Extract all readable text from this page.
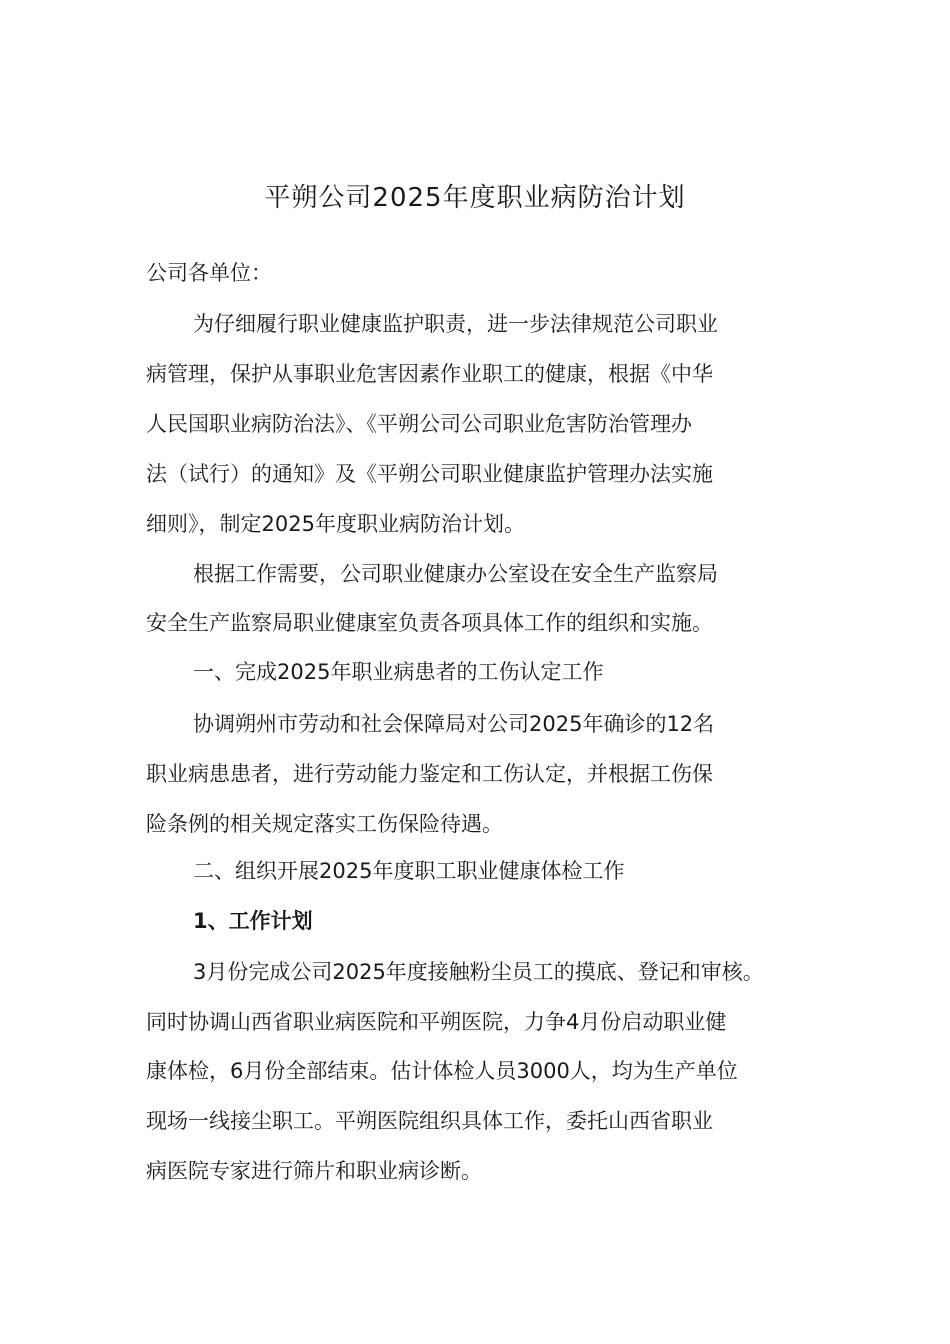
平朔公司2025年度职业病防治计划
公司各单位：
为仔细履行职业健康监护职责，进一步法律规范公司职业
病管理，保护从事职业危害因素作业职工的健康，根据《中华
人民国职业病防治法》、《平朔公司公司职业危害防治管理办
法（试行）的通知》及《平朔公司职业健康监护管理办法实施
细则》，制定2025年度职业病防治计划。
根据工作需要，公司职业健康办公室设在安全生产监察局
安全生产监察局职业健康室负责各项具体工作的组织和实施。
一、完成2025年职业病患者的工伤认定工作
协调朔州市劳动和社会保障局对公司2025年确诊的12名
职业病患患者，进行劳动能力鉴定和工伤认定，并根据工伤保
险条例的相关规定落实工伤保险待遇。
二、组织开展2025年度职工职业健康体检工作
1、工作计划
3月份完成公司2025年度接触粉尘员工的摸底、登记和审核。
同时协调山西省职业病医院和平朔医院，力争4月份启动职业健
康体检，6月份全部结束。估计体检人员3000人，均为生产单位
现场一线接尘职工。平朔医院组织具体工作，委托山西省职业
病医院专家进行筛片和职业病诊断。
